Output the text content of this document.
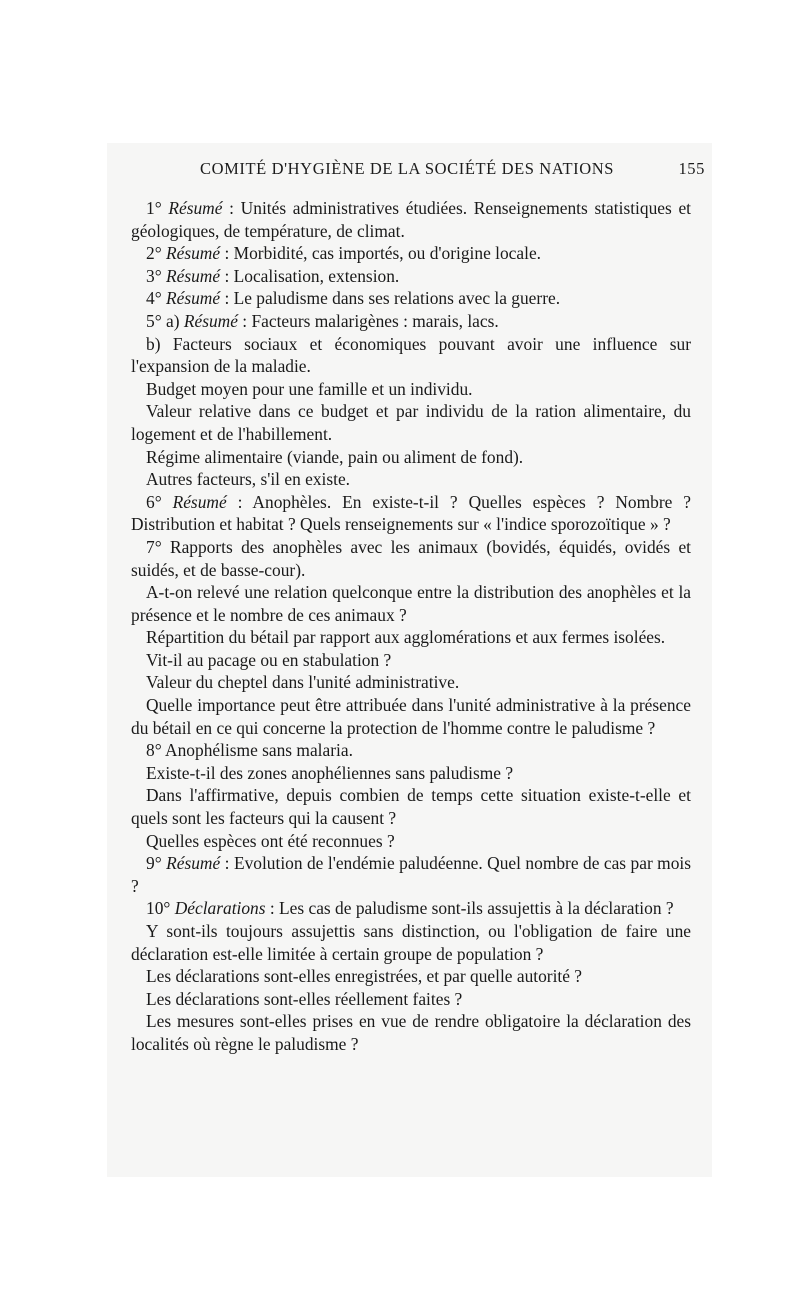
COMITÉ D'HYGIÈNE DE LA SOCIÉTÉ DES NATIONS	155

1° Résumé : Unités administratives étudiées. Renseignements statistiques et géologiques, de température, de climat.

2° Résumé : Morbidité, cas importés, ou d'origine locale.

3° Résumé : Localisation, extension.

4° Résumé : Le paludisme dans ses relations avec la guerre.

5° a) Résumé : Facteurs malarigènes : marais, lacs.

b) Facteurs sociaux et économiques pouvant avoir une influence sur l'expansion de la maladie.

Budget moyen pour une famille et un individu.

Valeur relative dans ce budget et par individu de la ration alimentaire, du logement et de l'habillement.

Régime alimentaire (viande, pain ou aliment de fond).

Autres facteurs, s'il en existe.

6° Résumé : Anophèles. En existe-t-il ? Quelles espèces ? Nombre ? Distribution et habitat ? Quels renseignements sur « l'indice sporozoïtique » ?

7° Rapports des anophèles avec les animaux (bovidés, équidés, ovidés et suidés, et de basse-cour).

A-t-on relevé une relation quelconque entre la distribution des anophèles et la présence et le nombre de ces animaux ?

Répartition du bétail par rapport aux agglomérations et aux fermes isolées.

Vit-il au pacage ou en stabulation ?

Valeur du cheptel dans l'unité administrative.

Quelle importance peut être attribuée dans l'unité administrative à la présence du bétail en ce qui concerne la protection de l'homme contre le paludisme ?

8° Anophélisme sans malaria.

Existe-t-il des zones anophéliennes sans paludisme ?

Dans l'affirmative, depuis combien de temps cette situation existe-t-elle et quels sont les facteurs qui la causent ?

Quelles espèces ont été reconnues ?

9° Résumé : Evolution de l'endémie paludéenne. Quel nombre de cas par mois ?

10° Déclarations : Les cas de paludisme sont-ils assujettis à la déclaration ?

Y sont-ils toujours assujettis sans distinction, ou l'obligation de faire une déclaration est-elle limitée à certain groupe de population ?

Les déclarations sont-elles enregistrées, et par quelle autorité ?

Les déclarations sont-elles réellement faites ?

Les mesures sont-elles prises en vue de rendre obligatoire la déclaration des localités où règne le paludisme ?
